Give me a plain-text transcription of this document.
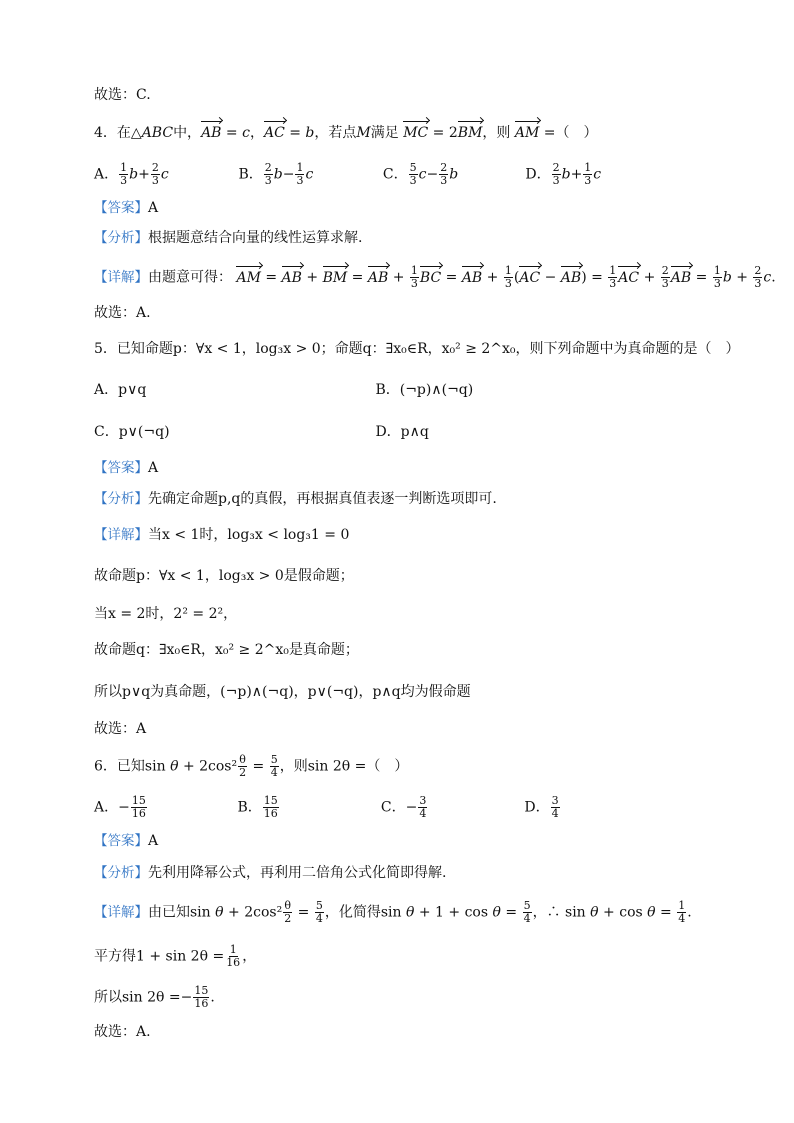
故选：C.
4．在△ABC中，AB = c，AC = b，若点M满足 MC = 2BM，则 AM =（　）
A． $\frac{1}{3} b+ \frac{2}{3}$ c	B． $\frac{2}{3} b- \frac{1}{3}$ c	C． $\frac{5}{3} c- \frac{2}{3}$ b	D． $\frac{2}{3} b+ \frac{1}{3}$ c
【答案】A
【分析】根据题意结合向量的线性运算求解.
【详解】由题意可得： AM = AB + BM = AB + $\frac{1}{3}$ BC = AB + $\frac{1}{3} (AC - AB) = \frac{1}{3}$ AC + $\frac{2}{3}$ AB = $\frac{1}{3}$ $b + \frac{2}{3} c$.
故选：A.
5．已知命题p：∀x < 1，log₃x > 0；命题q：∃x₀∈R，x₀² ≥ 2^x₀，则下列命题中为真命题的是（　）
A．p∨q	B．(¬p)∧(¬q)
C．p∨(¬q)	D．p∧q
【答案】A
【分析】先确定命题p,q的真假，再根据真值表逐一判断选项即可.
【详解】当x < 1时，log₃x < log₃1 = 0
故命题p：∀x < 1，log₃x > 0是假命题；
当x = 2时，2² = 2²，
故命题q：∃x₀∈R，x₀² ≥ 2^x₀是真命题；
所以p∨q为真命题，(¬p)∧(¬q)，p∨(¬q)，p∧q均为假命题
故选：A
6．已知$\sin \theta + 2\cos^2 \frac{\theta}{2} = \frac{5}{4}$ ，则sin 2θ =（　）
A．− $\frac{15}{16}$	B． $\frac{15}{16}$	C．− $\frac{3}{4}$	D． $\frac{3}{4}$
【答案】A
【分析】先利用降幂公式，再利用二倍角公式化简即得解.
【详解】由已知$\sin \theta + 2\cos^2 \frac{\theta}{2} = \frac{5}{4}$ ，化简得$\sin \theta + 1 + \cos \theta = \frac{5}{4}$ ，∴ $\sin \theta + \cos \theta = \frac{1}{4}$ .
平方得$1 + \sin 2\theta = \frac{1}{16}$ ，
所以$\sin 2\theta =- \frac{15}{16}$ .
故选：A.
